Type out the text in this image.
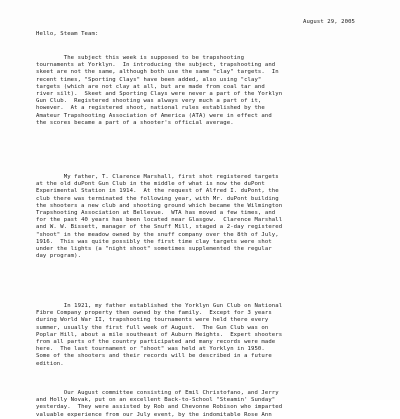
August 29, 2005
Hello, Steam Team:
The subject this week is supposed to be trapshooting
tournaments at Yorklyn.  In introducing the subject, trapshooting and
skeet are not the same, although both use the same "clay" targets.  In
recent times, "Sporting Clays" have been added, also using "clay"
targets (which are not clay at all, but are made from coal tar and
river silt).  Skeet and Sporting Clays were never a part of the Yorklyn
Gun Club.  Registered shooting was always very much a part of it,
however.  At a registered shoot, national rules established by the
Amateur Trapshooting Association of America (ATA) were in effect and
the scores became a part of a shooter's official average.
My father, T. Clarence Marshall, first shot registered targets
at the old duPont Gun Club in the middle of what is now the duPont
Experimental Station in 1914.  At the request of Alfred I. duPont, the
club there was terminated the following year, with Mr. duPont building
the shooters a new club and shooting ground which became the Wilmington
Trapshooting Association at Bellevue.  WTA has moved a few times, and
for the past 40 years has been located near Glasgow.  Clarence Marshall
and W. W. Bissett, manager of the Snuff Mill, staged a 2-day registered
"shoot" in the meadow owned by the snuff company over the 8th of July,
1916.  This was quite possibly the first time clay targets were shot
under the lights (a "night shoot" sometimes supplemented the regular
day program).
In 1921, my father established the Yorklyn Gun Club on National
Fibre Company property then owned by the family.  Except for 3 years
during World War II, trapshooting tournaments were held there every
summer, usually the first full week of August.  The Gun Club was on
Poplar Hill, about a mile southeast of Auburn Heights.  Expert shooters
from all parts of the country participated and many records were made
here.  The last tournament or "shoot" was held at Yorklyn in 1950.
Some of the shooters and their records will be described in a future
edition.
Our August committee consisting of Emil Christofano, and Jerry
and Holly Novak, put on an excellent Back-to-School "Steamin' Sunday"
yesterday.  They were assisted by Rob and Chevonne Robison who imparted
valuable experience from our July event, by the indomitable Rose Ann
